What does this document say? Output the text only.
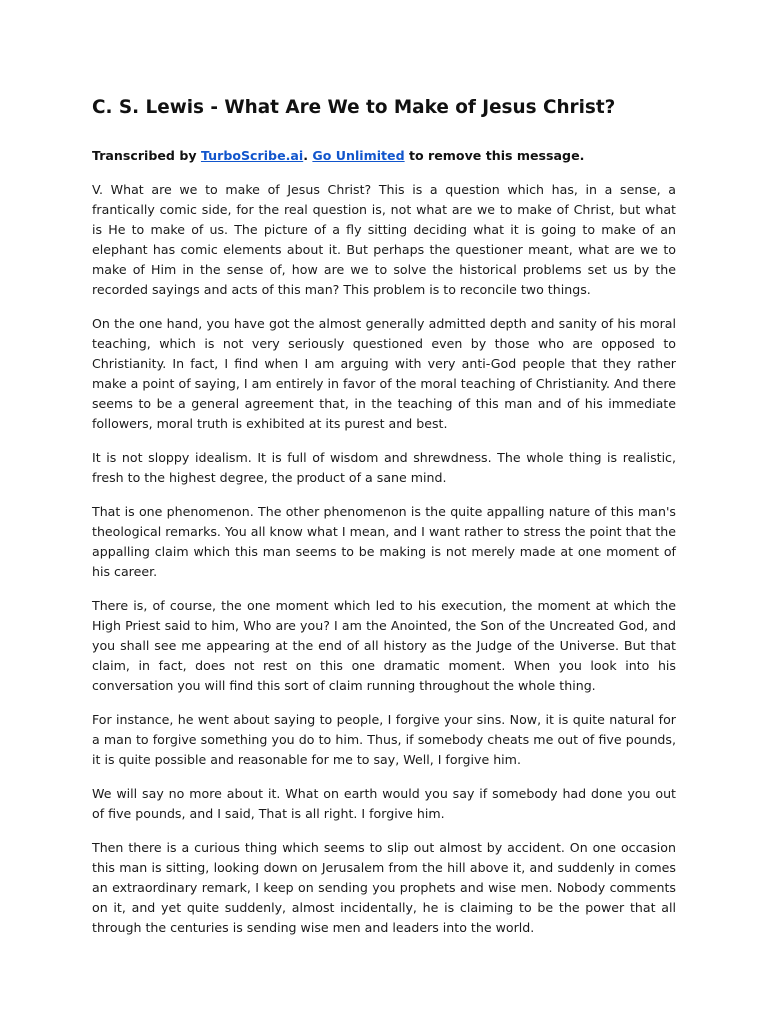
C. S. Lewis - What Are We to Make of Jesus Christ?

Transcribed by TurboScribe.ai. Go Unlimited to remove this message.

V. What are we to make of Jesus Christ? This is a question which has, in a sense, a frantically comic side, for the real question is, not what are we to make of Christ, but what is He to make of us. The picture of a fly sitting deciding what it is going to make of an elephant has comic elements about it. But perhaps the questioner meant, what are we to make of Him in the sense of, how are we to solve the historical problems set us by the recorded sayings and acts of this man? This problem is to reconcile two things.

On the one hand, you have got the almost generally admitted depth and sanity of his moral teaching, which is not very seriously questioned even by those who are opposed to Christianity. In fact, I find when I am arguing with very anti-God people that they rather make a point of saying, I am entirely in favor of the moral teaching of Christianity. And there seems to be a general agreement that, in the teaching of this man and of his immediate followers, moral truth is exhibited at its purest and best.

It is not sloppy idealism. It is full of wisdom and shrewdness. The whole thing is realistic, fresh to the highest degree, the product of a sane mind.

That is one phenomenon. The other phenomenon is the quite appalling nature of this man's theological remarks. You all know what I mean, and I want rather to stress the point that the appalling claim which this man seems to be making is not merely made at one moment of his career.

There is, of course, the one moment which led to his execution, the moment at which the High Priest said to him, Who are you? I am the Anointed, the Son of the Uncreated God, and you shall see me appearing at the end of all history as the Judge of the Universe. But that claim, in fact, does not rest on this one dramatic moment. When you look into his conversation you will find this sort of claim running throughout the whole thing.

For instance, he went about saying to people, I forgive your sins. Now, it is quite natural for a man to forgive something you do to him. Thus, if somebody cheats me out of five pounds, it is quite possible and reasonable for me to say, Well, I forgive him.

We will say no more about it. What on earth would you say if somebody had done you out of five pounds, and I said, That is all right. I forgive him.

Then there is a curious thing which seems to slip out almost by accident. On one occasion this man is sitting, looking down on Jerusalem from the hill above it, and suddenly in comes an extraordinary remark, I keep on sending you prophets and wise men. Nobody comments on it, and yet quite suddenly, almost incidentally, he is claiming to be the power that all through the centuries is sending wise men and leaders into the world.
